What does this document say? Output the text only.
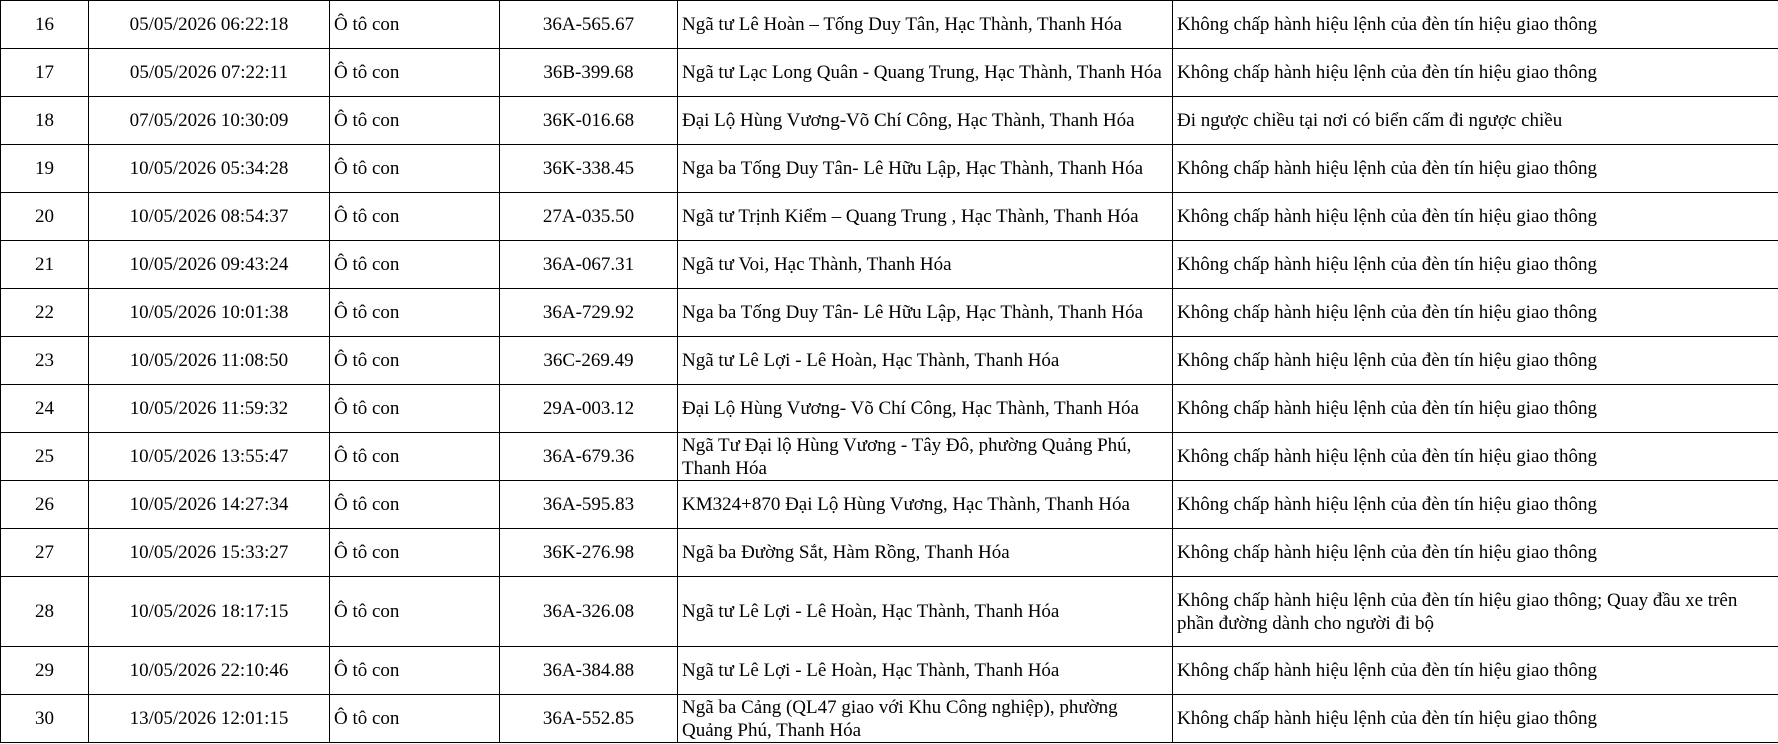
16	05/05/2026 06:22:18	Ô tô con	36A-565.67	Ngã tư Lê Hoàn – Tống Duy Tân, Hạc Thành, Thanh Hóa	Không chấp hành hiệu lệnh của đèn tín hiệu giao thông
17	05/05/2026 07:22:11	Ô tô con	36B-399.68	Ngã tư Lạc Long Quân - Quang Trung, Hạc Thành, Thanh Hóa	Không chấp hành hiệu lệnh của đèn tín hiệu giao thông
18	07/05/2026 10:30:09	Ô tô con	36K-016.68	Đại Lộ Hùng Vương-Võ Chí Công, Hạc Thành, Thanh Hóa	Đi ngược chiều tại nơi có biển cấm đi ngược chiều
19	10/05/2026 05:34:28	Ô tô con	36K-338.45	Nga ba Tống Duy Tân- Lê Hữu Lập, Hạc Thành, Thanh Hóa	Không chấp hành hiệu lệnh của đèn tín hiệu giao thông
20	10/05/2026 08:54:37	Ô tô con	27A-035.50	Ngã tư Trịnh Kiểm – Quang Trung , Hạc Thành, Thanh Hóa	Không chấp hành hiệu lệnh của đèn tín hiệu giao thông
21	10/05/2026 09:43:24	Ô tô con	36A-067.31	Ngã tư Voi, Hạc Thành, Thanh Hóa	Không chấp hành hiệu lệnh của đèn tín hiệu giao thông
22	10/05/2026 10:01:38	Ô tô con	36A-729.92	Nga ba Tống Duy Tân- Lê Hữu Lập, Hạc Thành, Thanh Hóa	Không chấp hành hiệu lệnh của đèn tín hiệu giao thông
23	10/05/2026 11:08:50	Ô tô con	36C-269.49	Ngã tư Lê Lợi - Lê Hoàn, Hạc Thành, Thanh Hóa	Không chấp hành hiệu lệnh của đèn tín hiệu giao thông
24	10/05/2026 11:59:32	Ô tô con	29A-003.12	Đại Lộ Hùng Vương- Võ Chí Công, Hạc Thành, Thanh Hóa	Không chấp hành hiệu lệnh của đèn tín hiệu giao thông
25	10/05/2026 13:55:47	Ô tô con	36A-679.36	Ngã Tư Đại lộ Hùng Vương - Tây Đô, phường Quảng Phú, Thanh Hóa	Không chấp hành hiệu lệnh của đèn tín hiệu giao thông
26	10/05/2026 14:27:34	Ô tô con	36A-595.83	KM324+870 Đại Lộ Hùng Vương, Hạc Thành, Thanh Hóa	Không chấp hành hiệu lệnh của đèn tín hiệu giao thông
27	10/05/2026 15:33:27	Ô tô con	36K-276.98	Ngã ba Đường Sắt, Hàm Rồng, Thanh Hóa	Không chấp hành hiệu lệnh của đèn tín hiệu giao thông
28	10/05/2026 18:17:15	Ô tô con	36A-326.08	Ngã tư Lê Lợi - Lê Hoàn, Hạc Thành, Thanh Hóa	Không chấp hành hiệu lệnh của đèn tín hiệu giao thông; Quay đầu xe trên phần đường dành cho người đi bộ
29	10/05/2026 22:10:46	Ô tô con	36A-384.88	Ngã tư Lê Lợi - Lê Hoàn, Hạc Thành, Thanh Hóa	Không chấp hành hiệu lệnh của đèn tín hiệu giao thông
30	13/05/2026 12:01:15	Ô tô con	36A-552.85	Ngã ba Cảng (QL47 giao với Khu Công nghiệp), phường Quảng Phú, Thanh Hóa	Không chấp hành hiệu lệnh của đèn tín hiệu giao thông
